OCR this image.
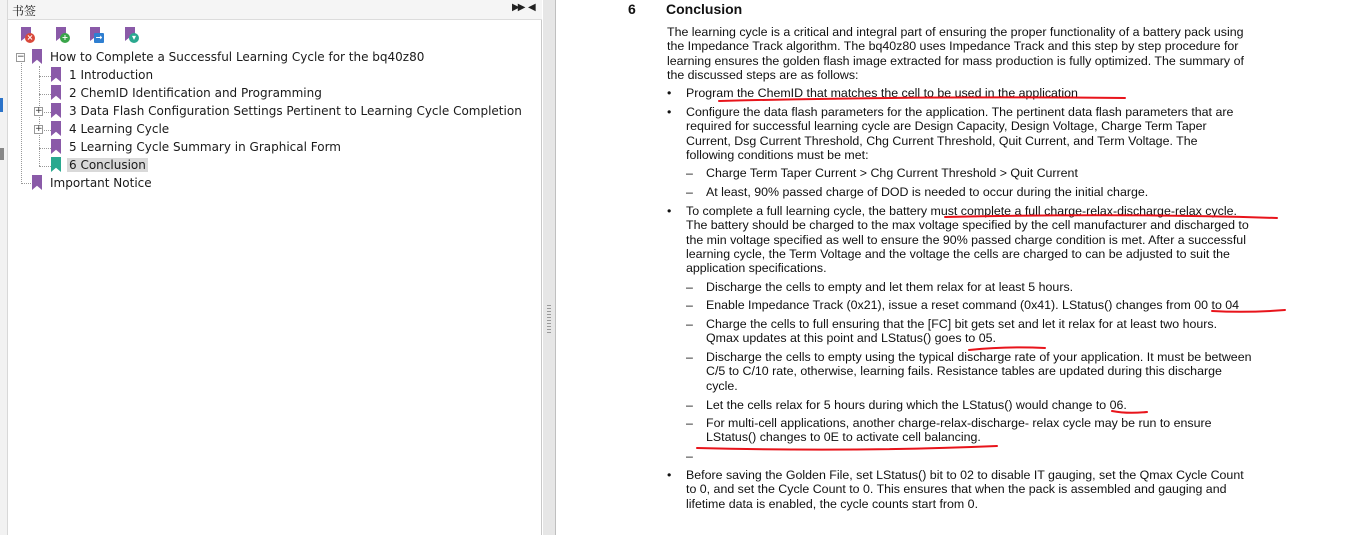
书签	▶▶ ◀
×	+	→	▾
− How to Complete a Successful Learning Cycle for the bq40z80
1 Introduction
2 ChemID Identification and Programming
+ 3 Data Flash Configuration Settings Pertinent to Learning Cycle Completion
+ 4 Learning Cycle
5 Learning Cycle Summary in Graphical Form
6 Conclusion
Important Notice
6 Conclusion
The learning cycle is a critical and integral part of ensuring the proper functionality of a battery pack using
the Impedance Track algorithm. The bq40z80 uses Impedance Track and this step by step procedure for
learning ensures the golden flash image extracted for mass production is fully optimized. The summary of
the discussed steps are as follows:
• Program the ChemID that matches the cell to be used in the application
• Configure the data flash parameters for the application. The pertinent data flash parameters that are
required for successful learning cycle are Design Capacity, Design Voltage, Charge Term Taper
Current, Dsg Current Threshold, Chg Current Threshold, Quit Current, and Term Voltage. The
following conditions must be met:
– Charge Term Taper Current > Chg Current Threshold > Quit Current
– At least, 90% passed charge of DOD is needed to occur during the initial charge.
• To complete a full learning cycle, the battery must complete a full charge-relax-discharge-relax cycle.
The battery should be charged to the max voltage specified by the cell manufacturer and discharged to
the min voltage specified as well to ensure the 90% passed charge condition is met. After a successful
learning cycle, the Term Voltage and the voltage the cells are charged to can be adjusted to suit the
application specifications.
– Discharge the cells to empty and let them relax for at least 5 hours.
– Enable Impedance Track (0x21), issue a reset command (0x41). LStatus() changes from 00 to 04
– Charge the cells to full ensuring that the [FC] bit gets set and let it relax for at least two hours.
Qmax updates at this point and LStatus() goes to 05.
– Discharge the cells to empty using the typical discharge rate of your application. It must be between
C/5 to C/10 rate, otherwise, learning fails. Resistance tables are updated during this discharge
cycle.
– Let the cells relax for 5 hours during which the LStatus() would change to 06.
– For multi-cell applications, another charge-relax-discharge- relax cycle may be run to ensure
LStatus() changes to 0E to activate cell balancing.
–
• Before saving the Golden File, set LStatus() bit to 02 to disable IT gauging, set the Qmax Cycle Count
to 0, and set the Cycle Count to 0. This ensures that when the pack is assembled and gauging and
lifetime data is enabled, the cycle counts start from 0.
